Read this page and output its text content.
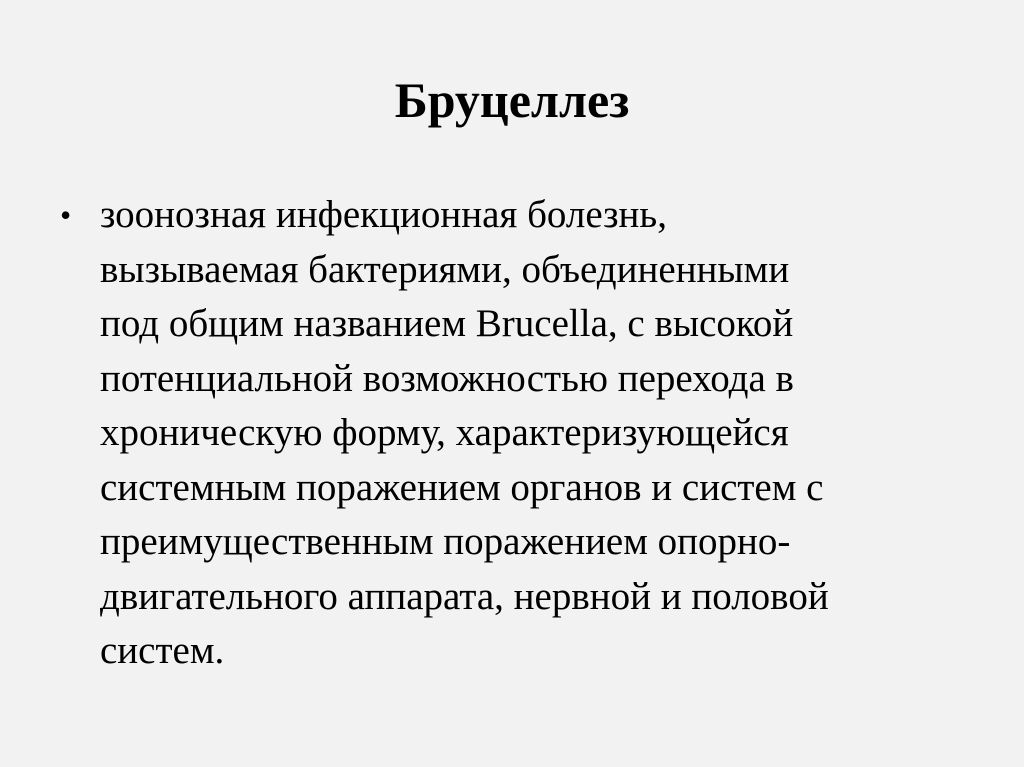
Бруцеллез
• зоонозная инфекционная болезнь,
вызываемая бактериями, объединенными
под общим названием Brucella, с высокой
потенциальной возможностью перехода в
хроническую форму, характеризующейся
системным поражением органов и систем с
преимущественным поражением опорно-
двигательного аппарата, нервной и половой
систем.
